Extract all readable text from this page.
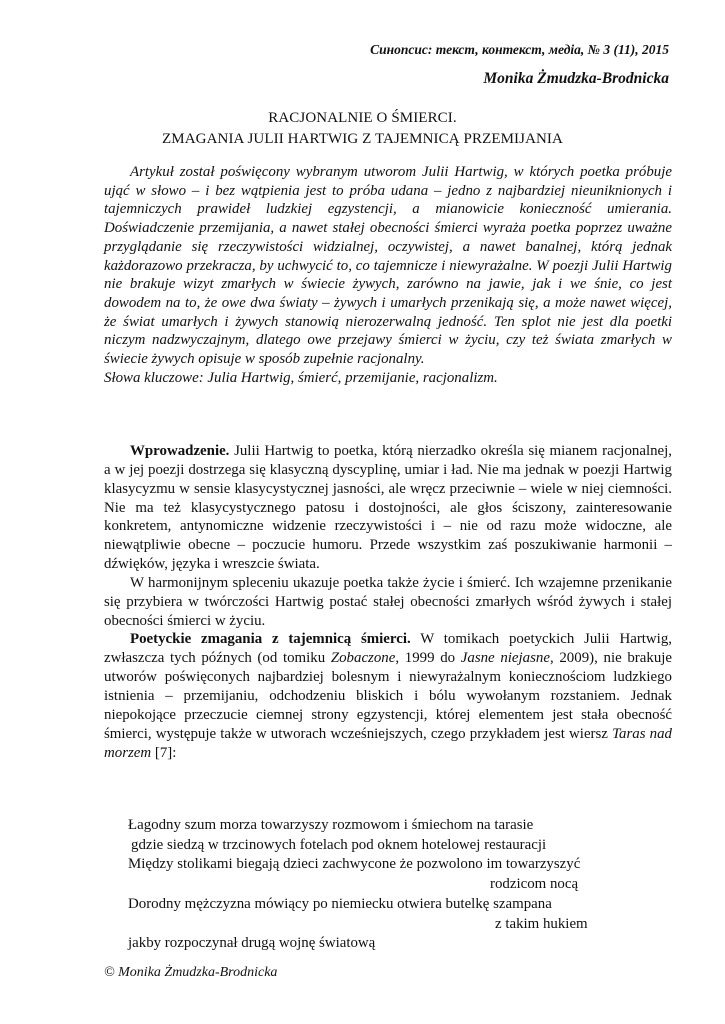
Синопсис: текст, контекст, медіа, № 3 (11), 2015
Monika Żmudzka-Brodnicka
RACJONALNIE O ŚMIERCI.
ZMAGANIA JULII HARTWIG Z TAJEMNICĄ PRZEMIJANIA

Artykuł został poświęcony wybranym utworom Julii Hartwig, w których poetka próbuje ująć w słowo – i bez wątpienia jest to próba udana – jedno z najbardziej nieuniknionych i tajemniczych prawideł ludzkiej egzystencji, a mianowicie konieczność umierania. Doświadczenie przemijania, a nawet stałej obecności śmierci wyraża poetka poprzez uważne przyglądanie się rzeczywistości widzialnej, oczywistej, a nawet banalnej, którą jednak każdorazowo przekracza, by uchwycić to, co tajemnicze i niewyrażalne. W poezji Julii Hartwig nie brakuje wizyt zmarłych w świecie żywych, zarówno na jawie, jak i we śnie, co jest dowodem na to, że owe dwa światy – żywych i umarłych przenikają się, a może nawet więcej, że świat umarłych i żywych stanowią nierozerwalną jedność. Ten splot nie jest dla poetki niczym nadzwyczajnym, dlatego owe przejawy śmierci w życiu, czy też świata zmarłych w świecie żywych opisuje w sposób zupełnie racjonalny.

Słowa kluczowe: Julia Hartwig, śmierć, przemijanie, racjonalizm.

Wprowadzenie. Julii Hartwig to poetka, którą nierzadko określa się mianem racjonalnej, a w jej poezji dostrzega się klasyczną dyscyplinę, umiar i ład. Nie ma jednak w poezji Hartwig klasycyzmu w sensie klasycystycznej jasności, ale wręcz przeciwnie – wiele w niej ciemności. Nie ma też klasycystycznego patosu i dostojności, ale głos ściszony, zainteresowanie konkretem, antynomiczne widzenie rzeczywistości i – nie od razu może widoczne, ale niewątpliwie obecne – poczucie humoru. Przede wszystkim zaś poszukiwanie harmonii – dźwięków, języka i wreszcie świata.

W harmonijnym spleceniu ukazuje poetka także życie i śmierć. Ich wzajemne przenikanie się przybiera w twórczości Hartwig postać stałej obecności zmarłych wśród żywych i stałej obecności śmierci w życiu.

Poetyckie zmagania z tajemnicą śmierci. W tomikach poetyckich Julii Hartwig, zwłaszcza tych późnych (od tomiku Zobaczone, 1999 do Jasne niejasne, 2009), nie brakuje utworów poświęconych najbardziej bolesnym i niewyrażalnym koniecznościom ludzkiego istnienia – przemijaniu, odchodzeniu bliskich i bólu wywołanym rozstaniem. Jednak niepokojące przeczucie ciemnej strony egzystencji, której elementem jest stała obecność śmierci, występuje także w utworach wcześniejszych, czego przykładem jest wiersz Taras nad morzem [7]:

Łagodny szum morza towarzyszy rozmowom i śmiechom na tarasie
gdzie siedzą w trzcinowych fotelach pod oknem hotelowej restauracji
Między stolikami biegają dzieci zachwycone że pozwolono im towarzyszyć
rodzicom nocą
Dorodny mężczyzna mówiący po niemiecku otwiera butelkę szampana
z takim hukiem
jakby rozpoczynał drugą wojnę światową
© Monika Żmudzka-Brodnicka
